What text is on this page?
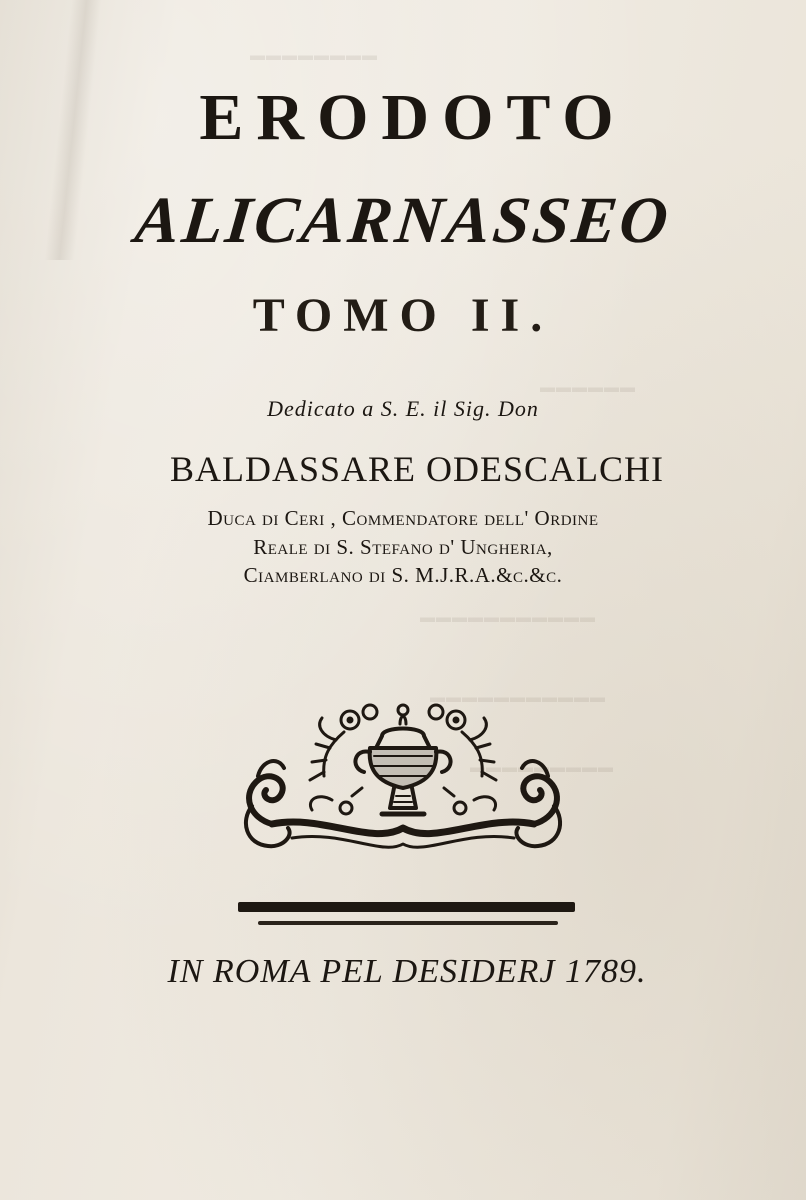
▬▬▬▬▬▬▬▬
▬▬▬▬▬▬
▬▬▬▬▬▬▬▬▬▬▬
▬▬▬▬▬▬▬▬▬▬▬
▬▬▬▬▬▬▬▬▬
ERODOTO
ALICARNASSEO
TOMO II.
Dedicato a S. E. il Sig. Don
BALDASSARE ODESCALCHI
Duca di Ceri , Commendatore dell' Ordine
Reale di S. Stefano d' Ungheria,
Ciamberlano di S. M.J.R.A.&c.&c.
IN ROMA PEL DESIDERJ 1789.
